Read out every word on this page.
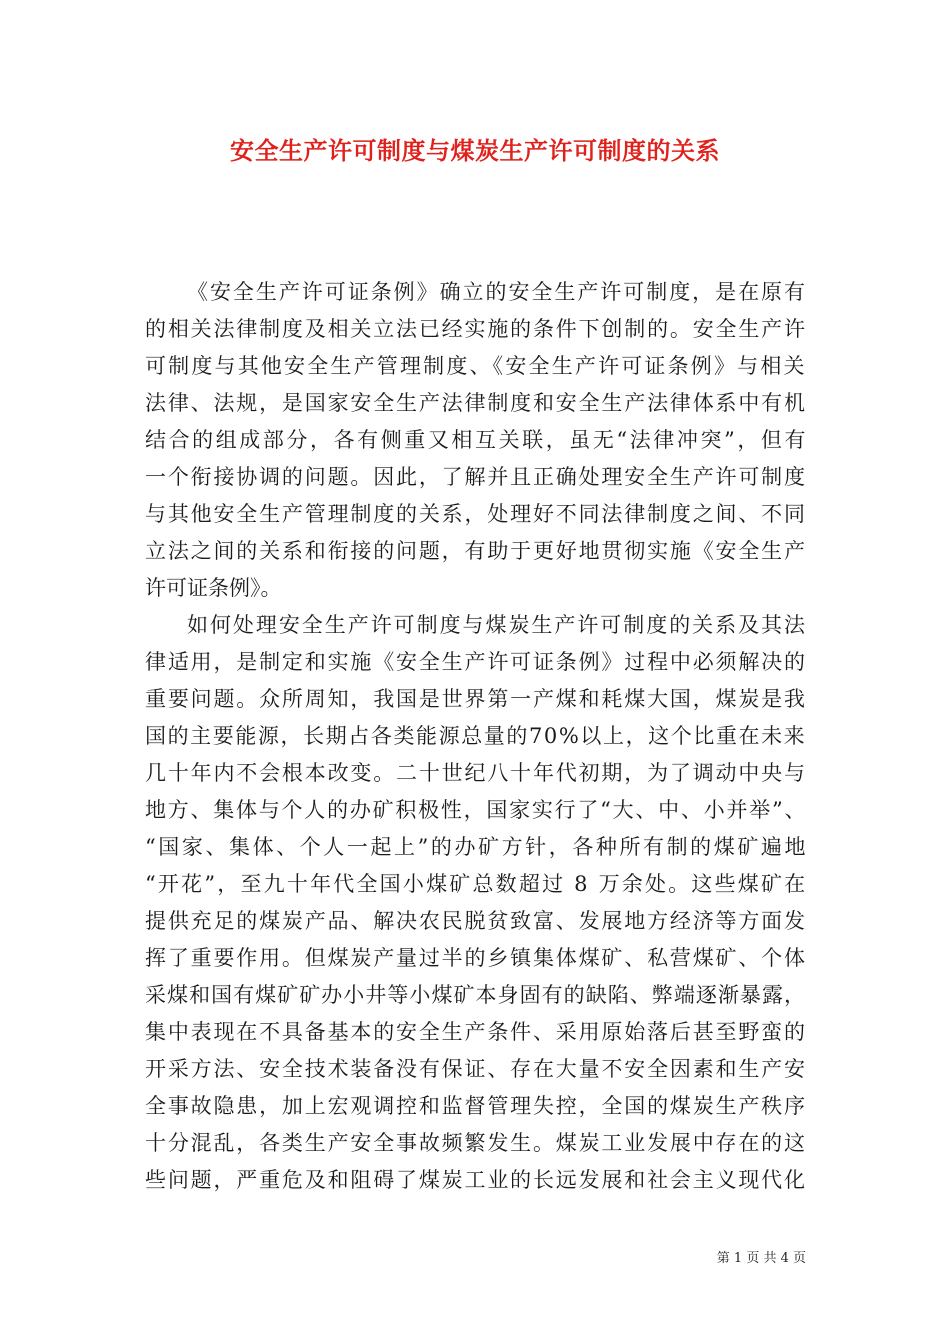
安全生产许可制度与煤炭生产许可制度的关系
《安全生产许可证条例》确立的安全生产许可制度，是在原有
的相关法律制度及相关立法已经实施的条件下创制的。安全生产许
可制度与其他安全生产管理制度、《安全生产许可证条例》与相关
法律、法规，是国家安全生产法律制度和安全生产法律体系中有机
结合的组成部分，各有侧重又相互关联，虽无“法律冲突”，但有
一个衔接协调的问题。因此，了解并且正确处理安全生产许可制度
与其他安全生产管理制度的关系，处理好不同法律制度之间、不同
立法之间的关系和衔接的问题，有助于更好地贯彻实施《安全生产
许可证条例》。
如何处理安全生产许可制度与煤炭生产许可制度的关系及其法
律适用，是制定和实施《安全生产许可证条例》过程中必须解决的
重要问题。众所周知，我国是世界第一产煤和耗煤大国，煤炭是我
国的主要能源，长期占各类能源总量的70%以上，这个比重在未来
几十年内不会根本改变。二十世纪八十年代初期，为了调动中央与
地方、集体与个人的办矿积极性，国家实行了“大、中、小并举”、
“国家、集体、个人一起上”的办矿方针，各种所有制的煤矿遍地
“开花”，至九十年代全国小煤矿总数超过 8 万余处。这些煤矿在
提供充足的煤炭产品、解决农民脱贫致富、发展地方经济等方面发
挥了重要作用。但煤炭产量过半的乡镇集体煤矿、私营煤矿、个体
采煤和国有煤矿矿办小井等小煤矿本身固有的缺陷、弊端逐渐暴露，
集中表现在不具备基本的安全生产条件、采用原始落后甚至野蛮的
开采方法、安全技术装备没有保证、存在大量不安全因素和生产安
全事故隐患，加上宏观调控和监督管理失控，全国的煤炭生产秩序
十分混乱，各类生产安全事故频繁发生。煤炭工业发展中存在的这
些问题，严重危及和阻碍了煤炭工业的长远发展和社会主义现代化
第 1 页 共 4 页
